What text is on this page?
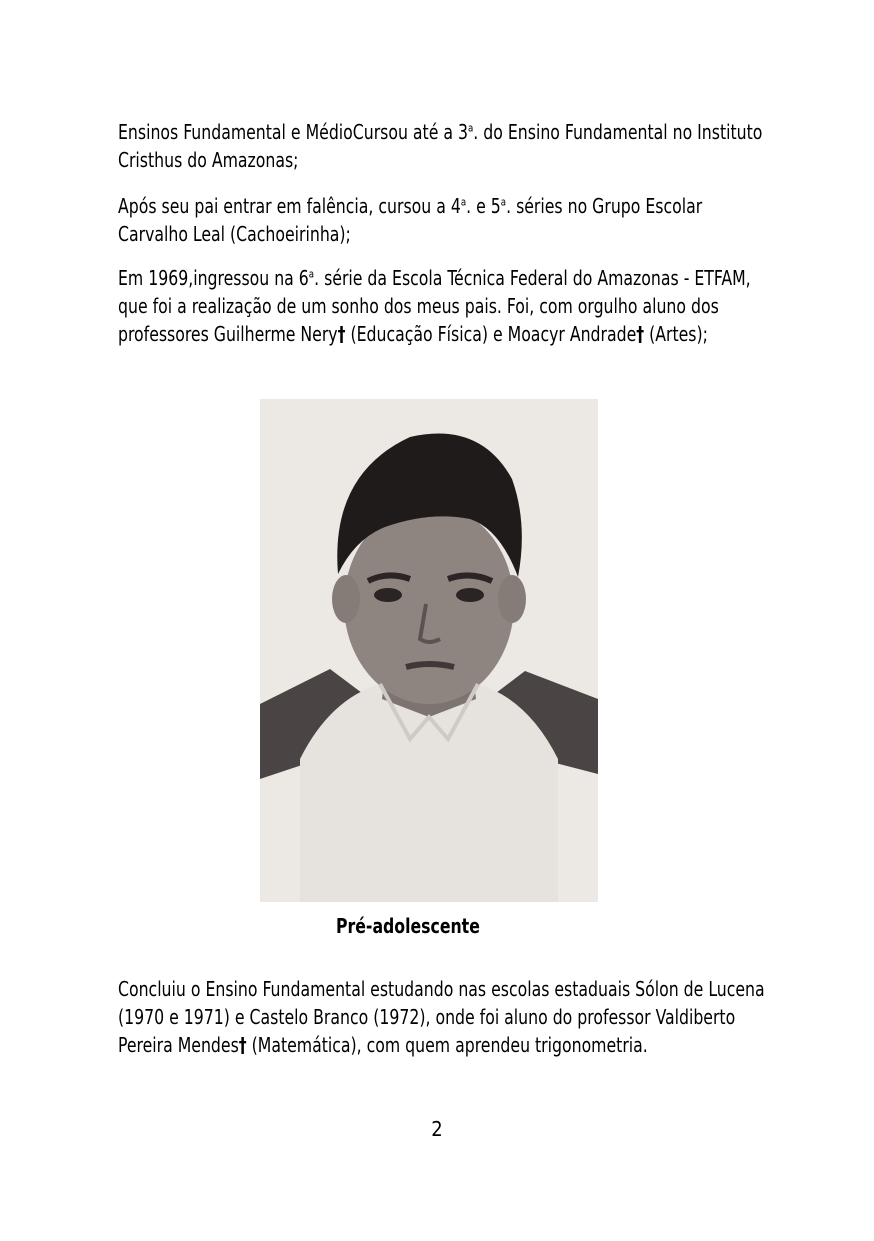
Ensinos Fundamental e MédioCursou até a 3$^a$. do Ensino Fundamental no Instituto Cristhus do Amazonas;

Após seu pai entrar em falência, cursou a 4$^a$. e 5$^a$. séries no Grupo Escolar Carvalho Leal (Cachoeirinha);

Em 1969,ingressou na 6$^a$. série da Escola Técnica Federal do Amazonas - ETFAM, que foi a realização de um sonho dos meus pais. Foi, com orgulho aluno dos professores Guilherme Nery† (Educação Física) e Moacyr Andrade† (Artes);

Pré-adolescente

Concluiu o Ensino Fundamental estudando nas escolas estaduais Sólon de Lucena (1970 e 1971) e Castelo Branco (1972), onde foi aluno do professor Valdiberto Pereira Mendes† (Matemática), com quem aprendeu trigonometria.

2
